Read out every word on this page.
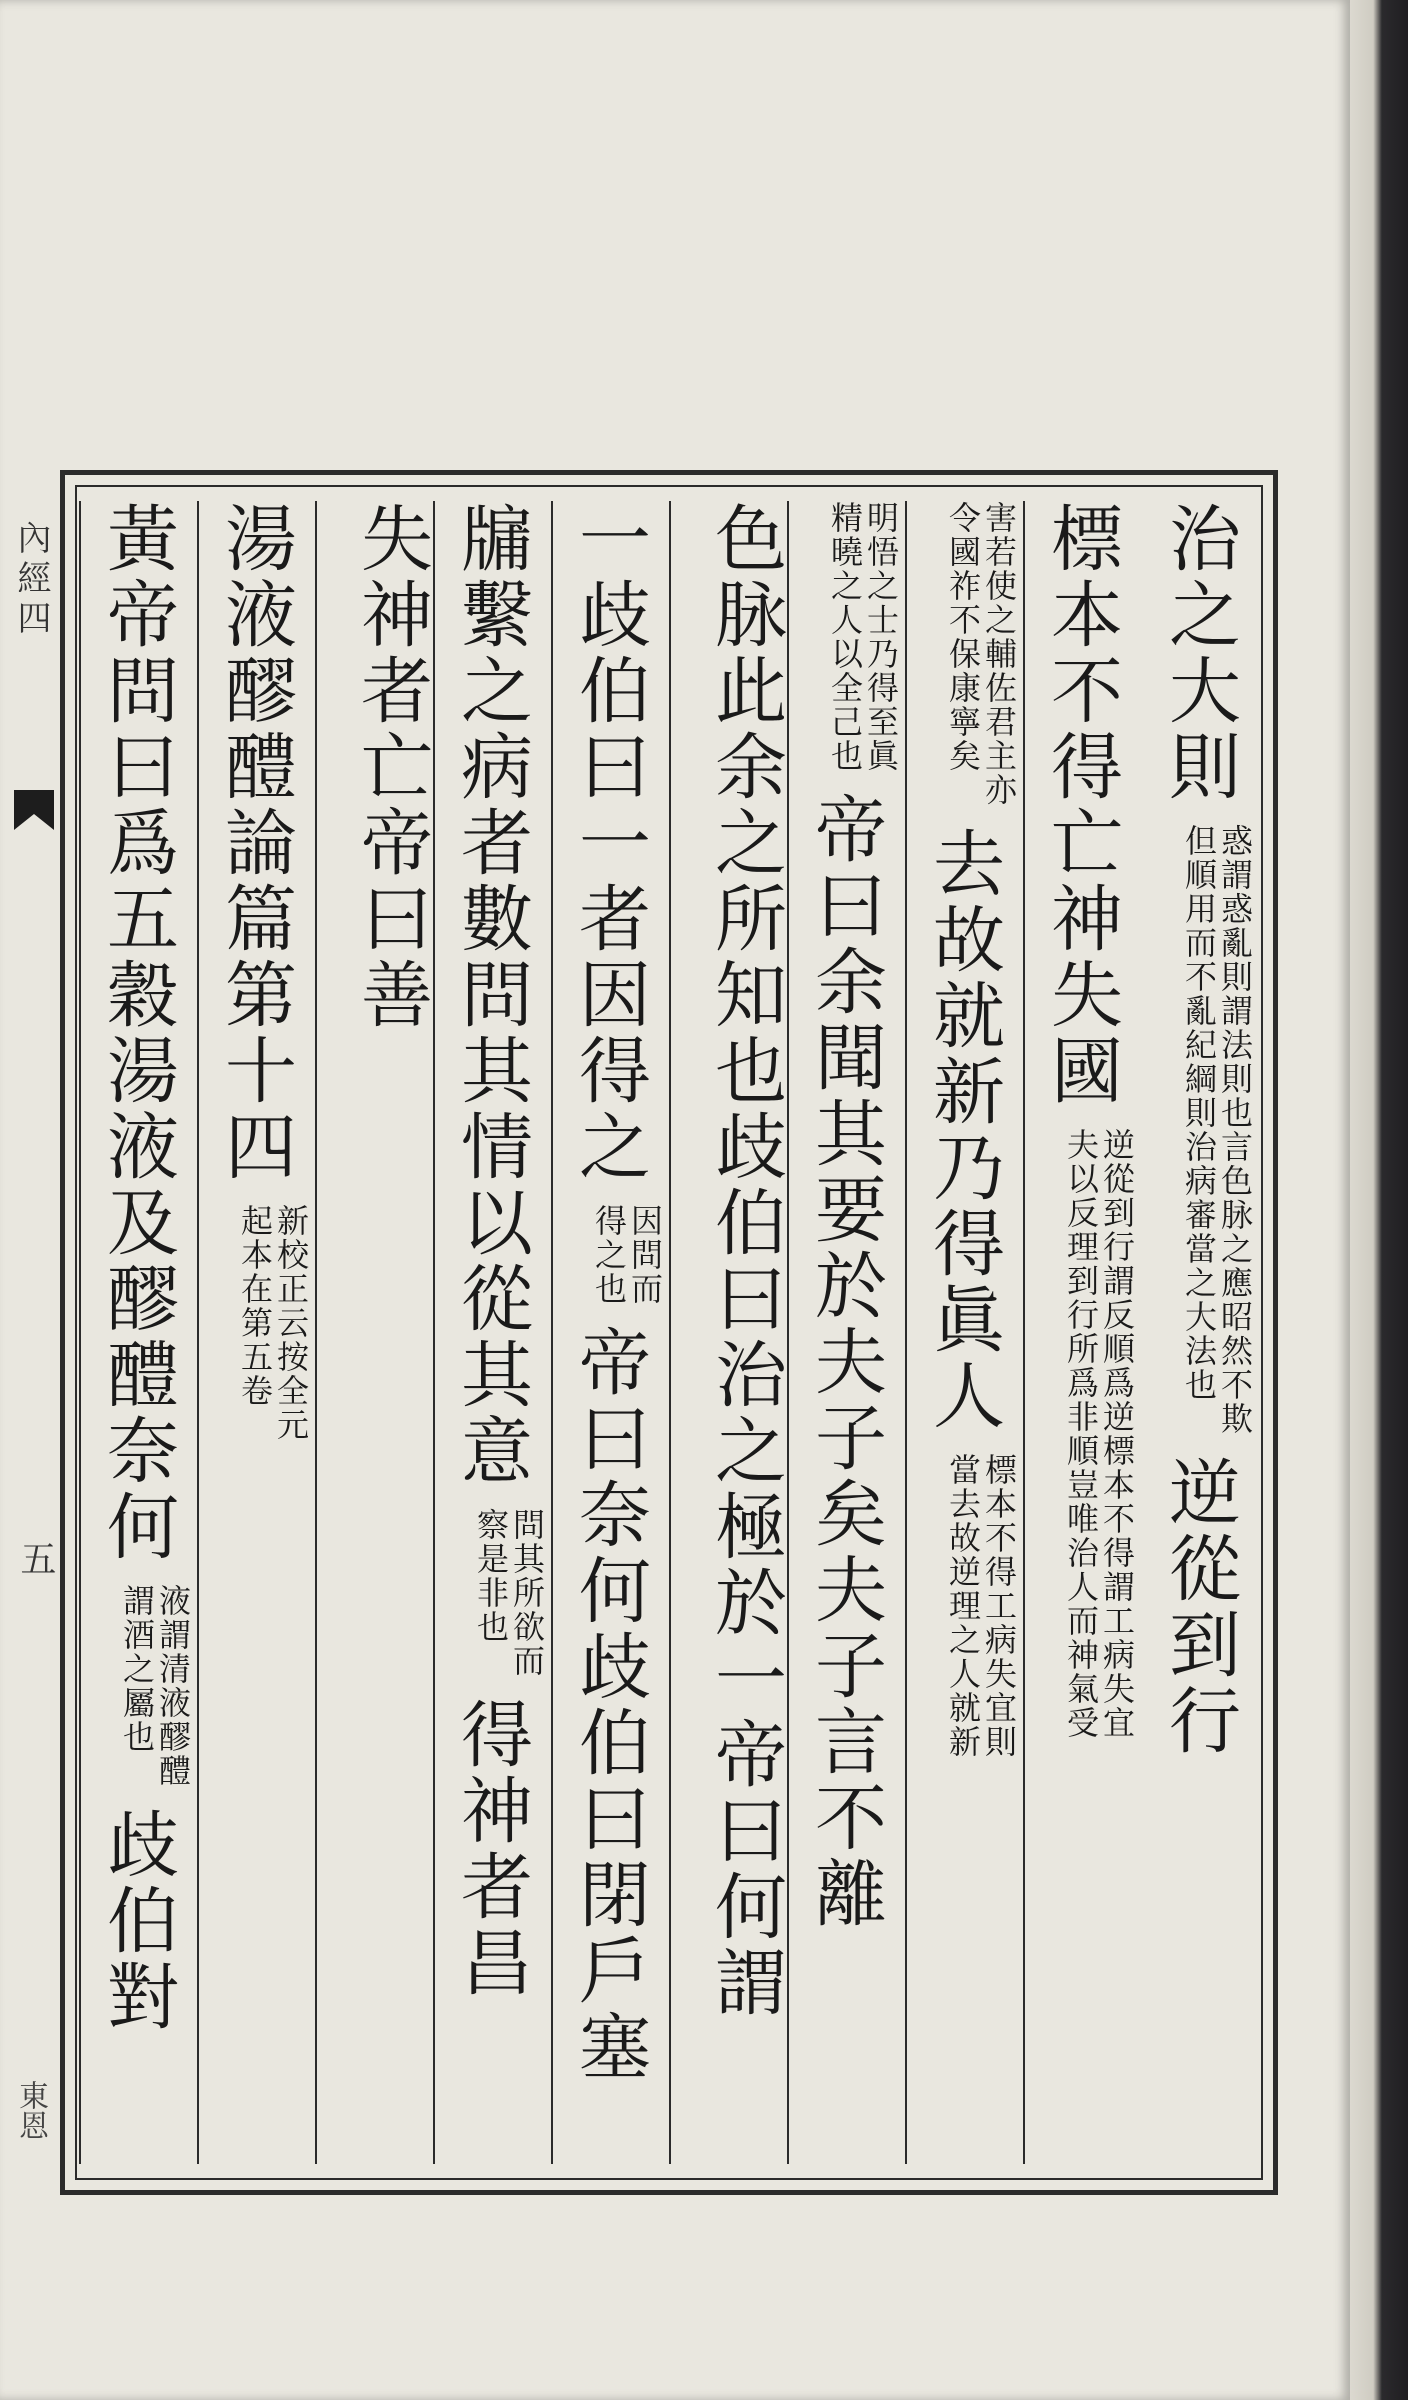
內經四
五
東恩
治之大則
惑謂惑亂則謂法則也言色脉之應昭然不欺
但順用而不亂紀綱則治病審當之大法也
逆從到行
標本不得亡神失國
逆從到行謂反順爲逆標本不得謂工病失宜
夫以反理到行所爲非順豈唯治人而神氣受
害若使之輔佐君主亦
令國祚不保康寧矣
去故就新乃得眞人
標本不得工病失宜則
當去故逆理之人就新
明悟之士乃得至眞
精曉之人以全己也
帝曰余聞其要於夫子矣夫子言不離
色脉此余之所知也歧伯曰治之極於一帝曰何謂
一歧伯曰一者因得之
因問而
得之也
帝曰奈何歧伯曰閉戶塞
牖繫之病者數問其情以從其意
問其所欲而
察是非也
得神者昌
失神者亡帝曰善
湯液醪醴論篇第十四
新校正云按全元
起本在第五卷
黃帝問曰爲五穀湯液及醪醴奈何
液謂清液醪醴
謂酒之屬也
歧伯對
